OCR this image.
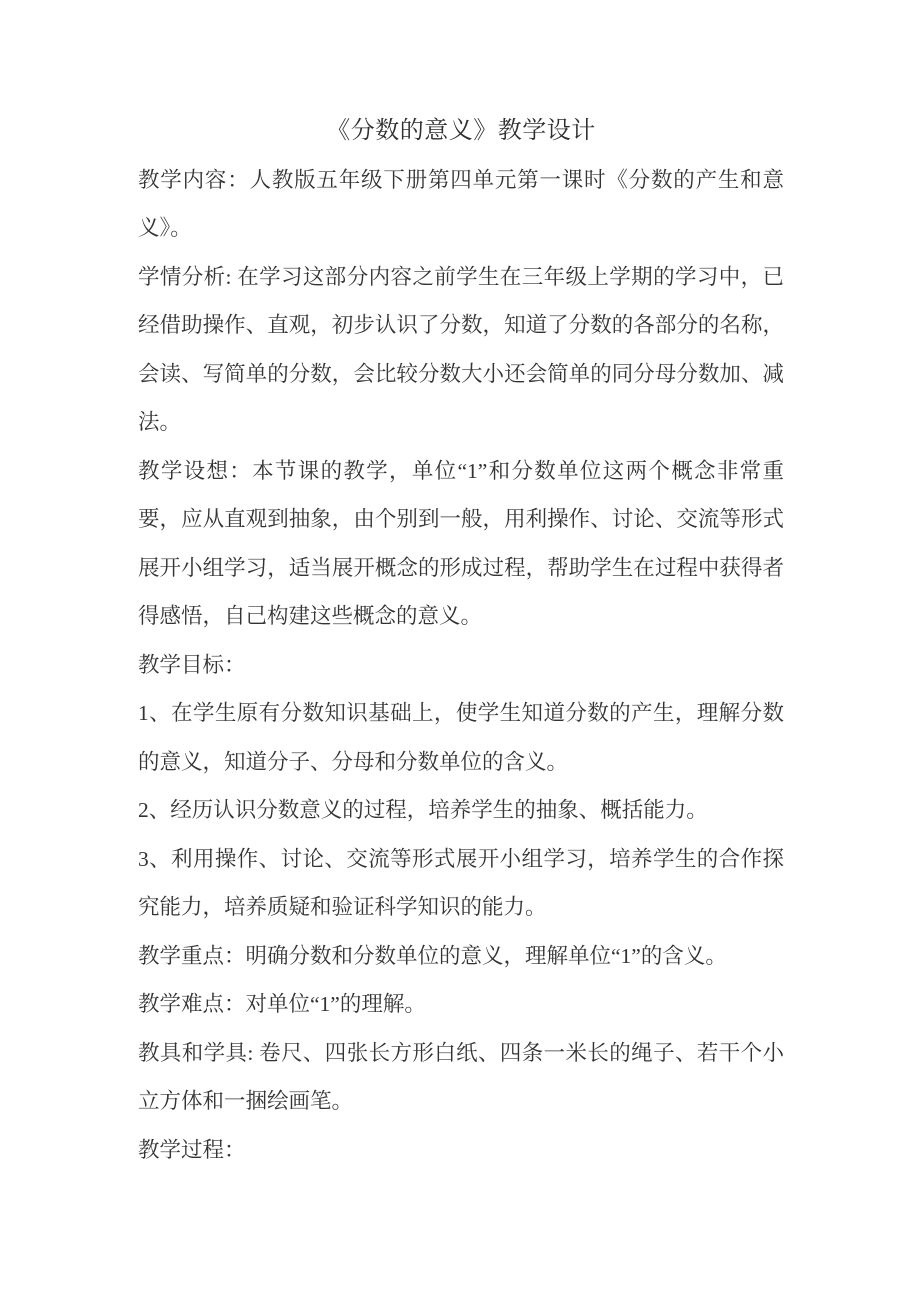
《分数的意义》教学设计

教学内容：人教版五年级下册第四单元第一课时《分数的产生和意义》。

学情分析: 在学习这部分内容之前学生在三年级上学期的学习中，已经借助操作、直观，初步认识了分数，知道了分数的各部分的名称，会读、写简单的分数，会比较分数大小还会简单的同分母分数加、减法。

教学设想：本节课的教学，单位“1”和分数单位这两个概念非常重要，应从直观到抽象，由个别到一般，用利操作、讨论、交流等形式展开小组学习，适当展开概念的形成过程，帮助学生在过程中获得者得感悟，自己构建这些概念的意义。

教学目标：

1、在学生原有分数知识基础上，使学生知道分数的产生，理解分数的意义，知道分子、分母和分数单位的含义。

2、经历认识分数意义的过程，培养学生的抽象、概括能力。

3、利用操作、讨论、交流等形式展开小组学习，培养学生的合作探究能力，培养质疑和验证科学知识的能力。

教学重点：明确分数和分数单位的意义，理解单位“1”的含义。

教学难点：对单位“1”的理解。

教具和学具: 卷尺、四张长方形白纸、四条一米长的绳子、若干个小立方体和一捆绘画笔。

教学过程：
